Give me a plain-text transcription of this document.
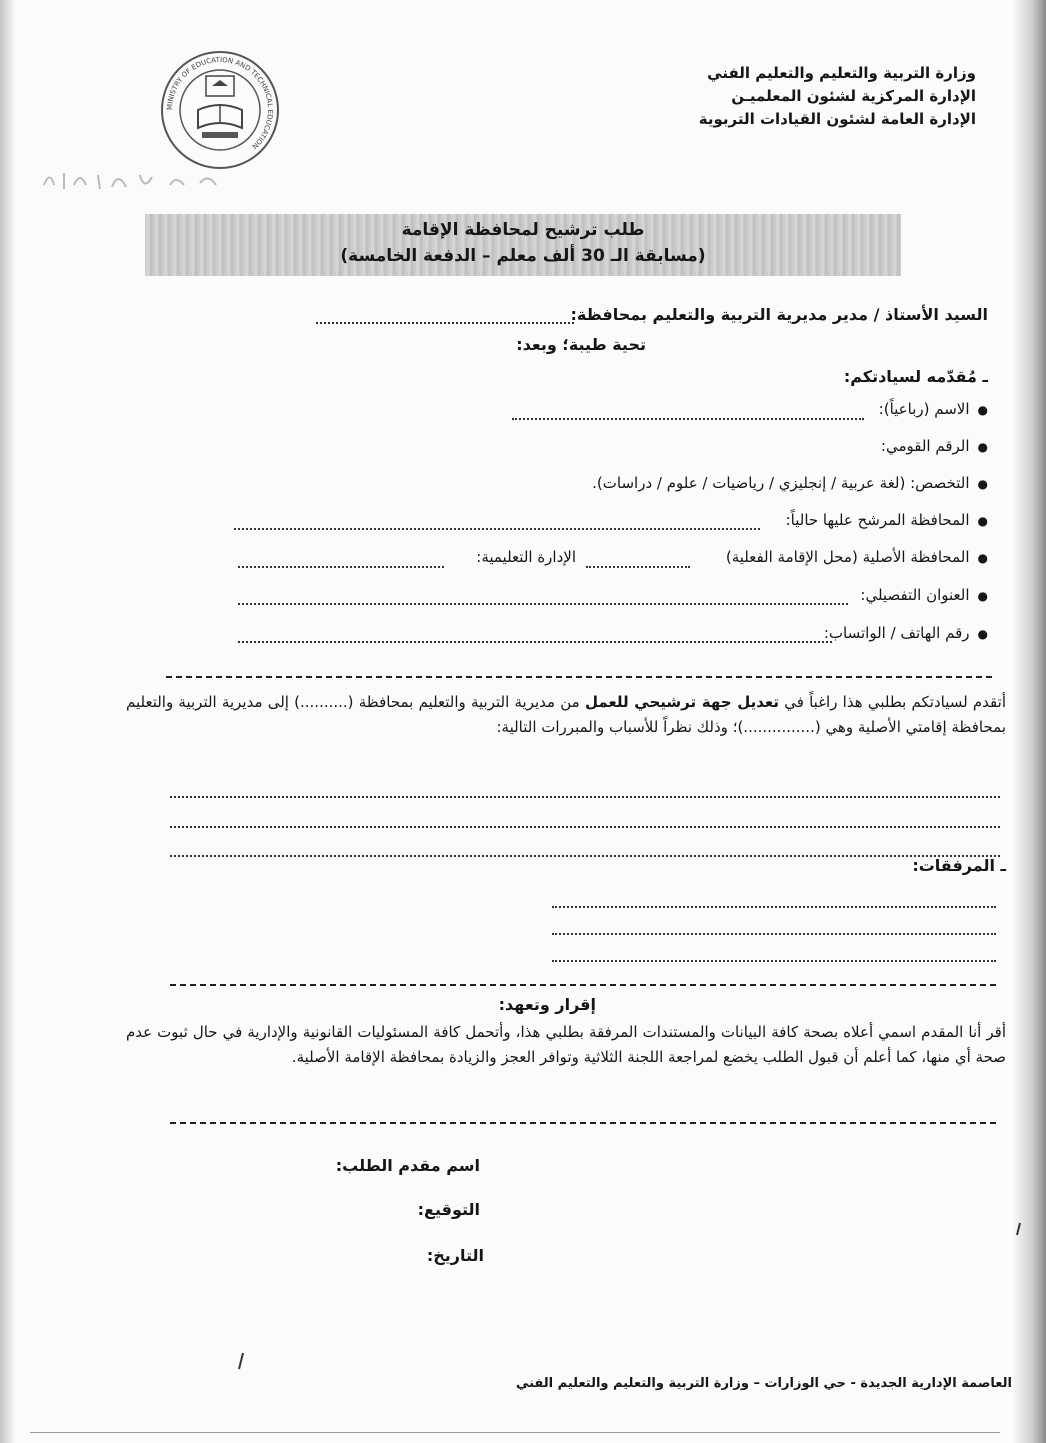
وزارة التربية والتعليم والتعليم الفني
الإدارة المركزية لشئون المعلميـن
الإدارة العامة لشئون القيادات التربوية
MINISTRY OF EDUCATION AND TECHNICAL EDUCATION
طلب ترشيح لمحافظة الإقامة
(مسابقة الـ 30 ألف معلم – الدفعة الخامسة)
السيد الأستاذ / مدير مديرية التربية والتعليم بمحافظة:
تحية طيبة؛ وبعد:
ـ مُقدّمه لسيادتكم:
●الاسم (رباعياً):
●الرقم القومي:
●التخصص: (لغة عربية / إنجليزي / رياضيات / علوم / دراسات).
●المحافظة المرشح عليها حالياً:
●المحافظة الأصلية (محل الإقامة الفعلية)
الإدارة التعليمية:
●العنوان التفصيلي:
●رقم الهاتف / الواتساب:
أتقدم لسيادتكم بطلبي هذا راغباً في تعديل جهة ترشيحي للعمل من مديرية التربية والتعليم بمحافظة (..........) إلى مديرية التربية والتعليم بمحافظة إقامتي الأصلية وهي (...............)؛ وذلك نظراً للأسباب والمبررات التالية:
ـ المرفقات:
إقرار وتعهد:
أقر أنا المقدم اسمي أعلاه بصحة كافة البيانات والمستندات المرفقة بطلبي هذا، وأتحمل كافة المسئوليات القانونية والإدارية في حال ثبوت عدم صحة أي منها، كما أعلم أن قبول الطلب يخضع لمراجعة اللجنة الثلاثية وتوافر العجز والزيادة بمحافظة الإقامة الأصلية.
اسم مقدم الطلب:
التوقيع:
التاريخ:
العاصمة الإدارية الجديدة - حي الوزارات – وزارة التربية والتعليم والتعليم الفني
